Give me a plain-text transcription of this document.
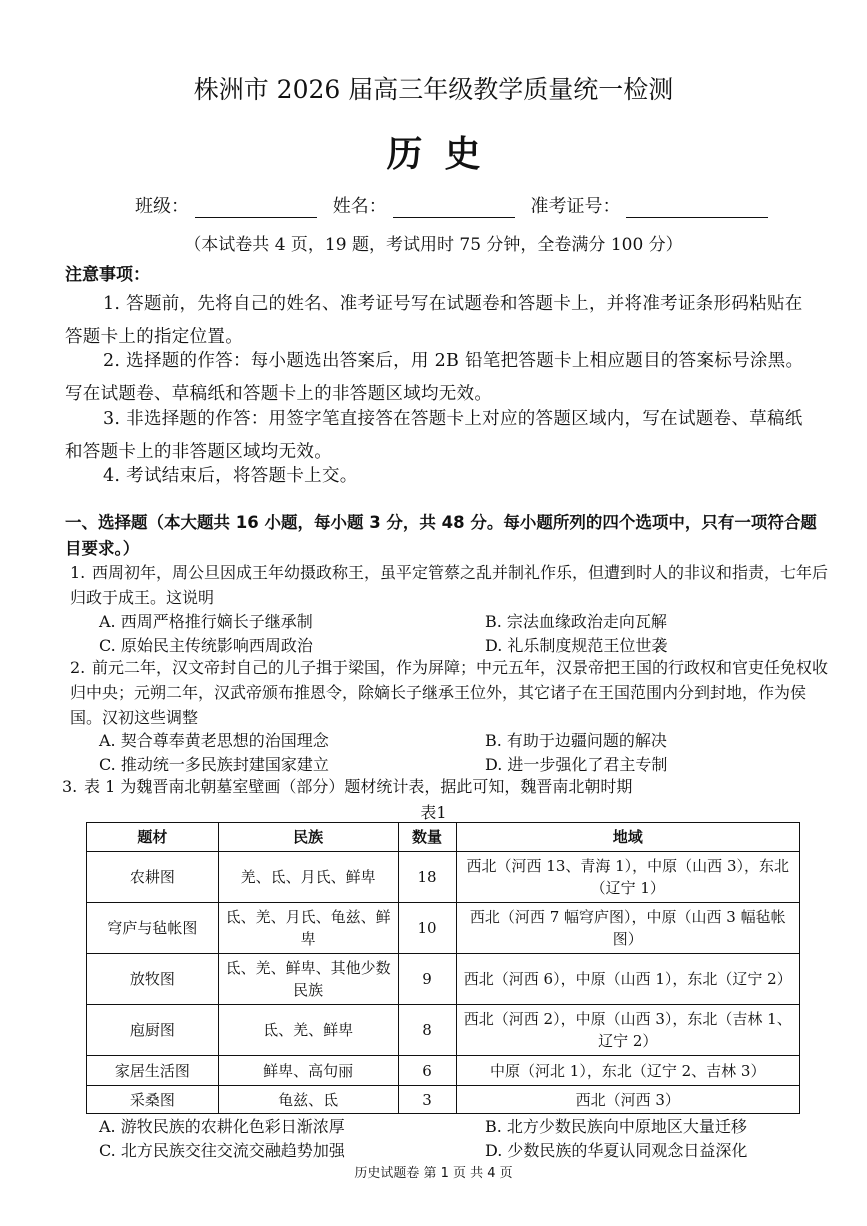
株洲市 2026 届高三年级教学质量统一检测
历史
班级：	姓名：	准考证号：
（本试卷共 4 页，19 题，考试用时 75 分钟，全卷满分 100 分）
注意事项：
1. 答题前，先将自己的姓名、准考证号写在试题卷和答题卡上，并将准考证条形码粘贴在答题卡上的指定位置。
2. 选择题的作答：每小题选出答案后，用 2B 铅笔把答题卡上相应题目的答案标号涂黑。写在试题卷、草稿纸和答题卡上的非答题区域均无效。
3. 非选择题的作答：用签字笔直接答在答题卡上对应的答题区域内，写在试题卷、草稿纸和答题卡上的非答题区域均无效。
4. 考试结束后，将答题卡上交。
一、选择题（本大题共 16 小题，每小题 3 分，共 48 分。每小题所列的四个选项中，只有一项符合题目要求。）
1. 西周初年，周公旦因成王年幼摄政称王，虽平定管蔡之乱并制礼作乐，但遭到时人的非议和指责，七年后归政于成王。这说明
A. 西周严格推行嫡长子继承制	B. 宗法血缘政治走向瓦解
C. 原始民主传统影响西周政治	D. 礼乐制度规范王位世袭
2. 前元二年，汉文帝封自己的儿子揖于梁国，作为屏障；中元五年，汉景帝把王国的行政权和官吏任免权收归中央；元朔二年，汉武帝颁布推恩令，除嫡长子继承王位外，其它诸子在王国范围内分到封地，作为侯国。汉初这些调整
A. 契合尊奉黄老思想的治国理念	B. 有助于边疆问题的解决
C. 推动统一多民族封建国家建立	D. 进一步强化了君主专制
3. 表 1 为魏晋南北朝墓室壁画（部分）题材统计表，据此可知，魏晋南北朝时期
表1
题材	民族	数量	地域
农耕图	羌、氐、月氏、鲜卑	18	西北（河西 13、青海 1），中原（山西 3），东北（辽宁 1）
穹庐与毡帐图	氐、羌、月氏、龟兹、鲜卑	10	西北（河西 7 幅穹庐图），中原（山西 3 幅毡帐图）
放牧图	氐、羌、鲜卑、其他少数民族	9	西北（河西 6），中原（山西 1），东北（辽宁 2）
庖厨图	氐、羌、鲜卑	8	西北（河西 2），中原（山西 3），东北（吉林 1、辽宁 2）
家居生活图	鲜卑、高句丽	6	中原（河北 1），东北（辽宁 2、吉林 3）
采桑图	龟兹、氐	3	西北（河西 3）
A. 游牧民族的农耕化色彩日渐浓厚	B. 北方少数民族向中原地区大量迁移
C. 北方民族交往交流交融趋势加强	D. 少数民族的华夏认同观念日益深化
历史试题卷 第 1 页 共 4 页
